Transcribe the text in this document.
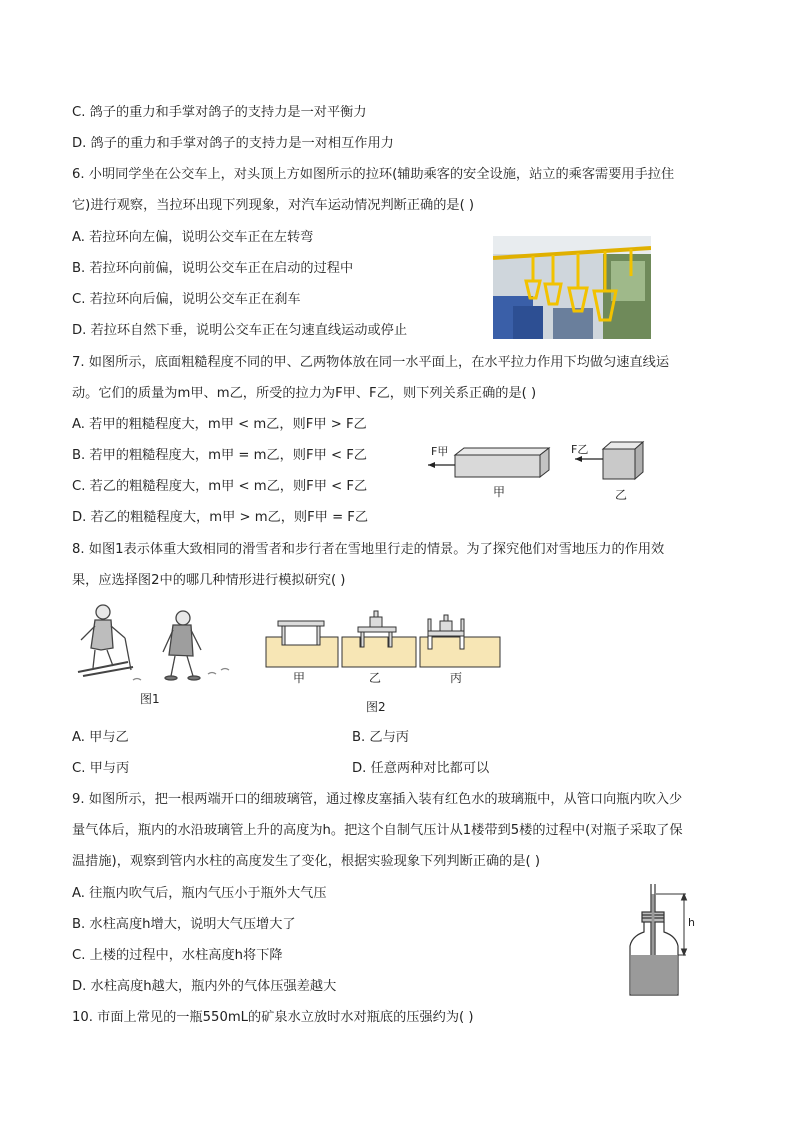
C. 鸽子的重力和手掌对鸽子的支持力是一对平衡力
D. 鸽子的重力和手掌对鸽子的支持力是一对相互作用力
6. 小明同学坐在公交车上，对头顶上方如图所示的拉环(辅助乘客的安全设施，站立的乘客需要用手拉住
它)进行观察，当拉环出现下列现象，对汽车运动情况判断正确的是( )
A. 若拉环向左偏，说明公交车正在左转弯
B. 若拉环向前偏，说明公交车正在启动的过程中
C. 若拉环向后偏，说明公交车正在刹车
D. 若拉环自然下垂，说明公交车正在匀速直线运动或停止
7. 如图所示，底面粗糙程度不同的甲、乙两物体放在同一水平面上，在水平拉力作用下均做匀速直线运
动。它们的质量为m甲、m乙，所受的拉力为F甲、F乙，则下列关系正确的是( )
A. 若甲的粗糙程度大，m甲 < m乙，则F甲 > F乙
B. 若甲的粗糙程度大，m甲 = m乙，则F甲 < F乙
C. 若乙的粗糙程度大，m甲 < m乙，则F甲 < F乙
D. 若乙的粗糙程度大，m甲 > m乙，则F甲 = F乙
F甲	F乙
甲	乙
8. 如图1表示体重大致相同的滑雪者和步行者在雪地里行走的情景。为了探究他们对雪地压力的作用效
果，应选择图2中的哪几种情形进行模拟研究( )
图1
甲	乙	丙
图2
A. 甲与乙	B. 乙与丙
C. 甲与丙	D. 任意两种对比都可以
9. 如图所示，把一根两端开口的细玻璃管，通过橡皮塞插入装有红色水的玻璃瓶中，从管口向瓶内吹入少
量气体后，瓶内的水沿玻璃管上升的高度为h。把这个自制气压计从1楼带到5楼的过程中(对瓶子采取了保
温措施)，观察到管内水柱的高度发生了变化，根据实验现象下列判断正确的是( )
A. 往瓶内吹气后，瓶内气压小于瓶外大气压
B. 水柱高度h增大，说明大气压增大了
C. 上楼的过程中，水柱高度h将下降
D. 水柱高度h越大，瓶内外的气体压强差越大
h
10. 市面上常见的一瓶550mL的矿泉水立放时水对瓶底的压强约为( )
